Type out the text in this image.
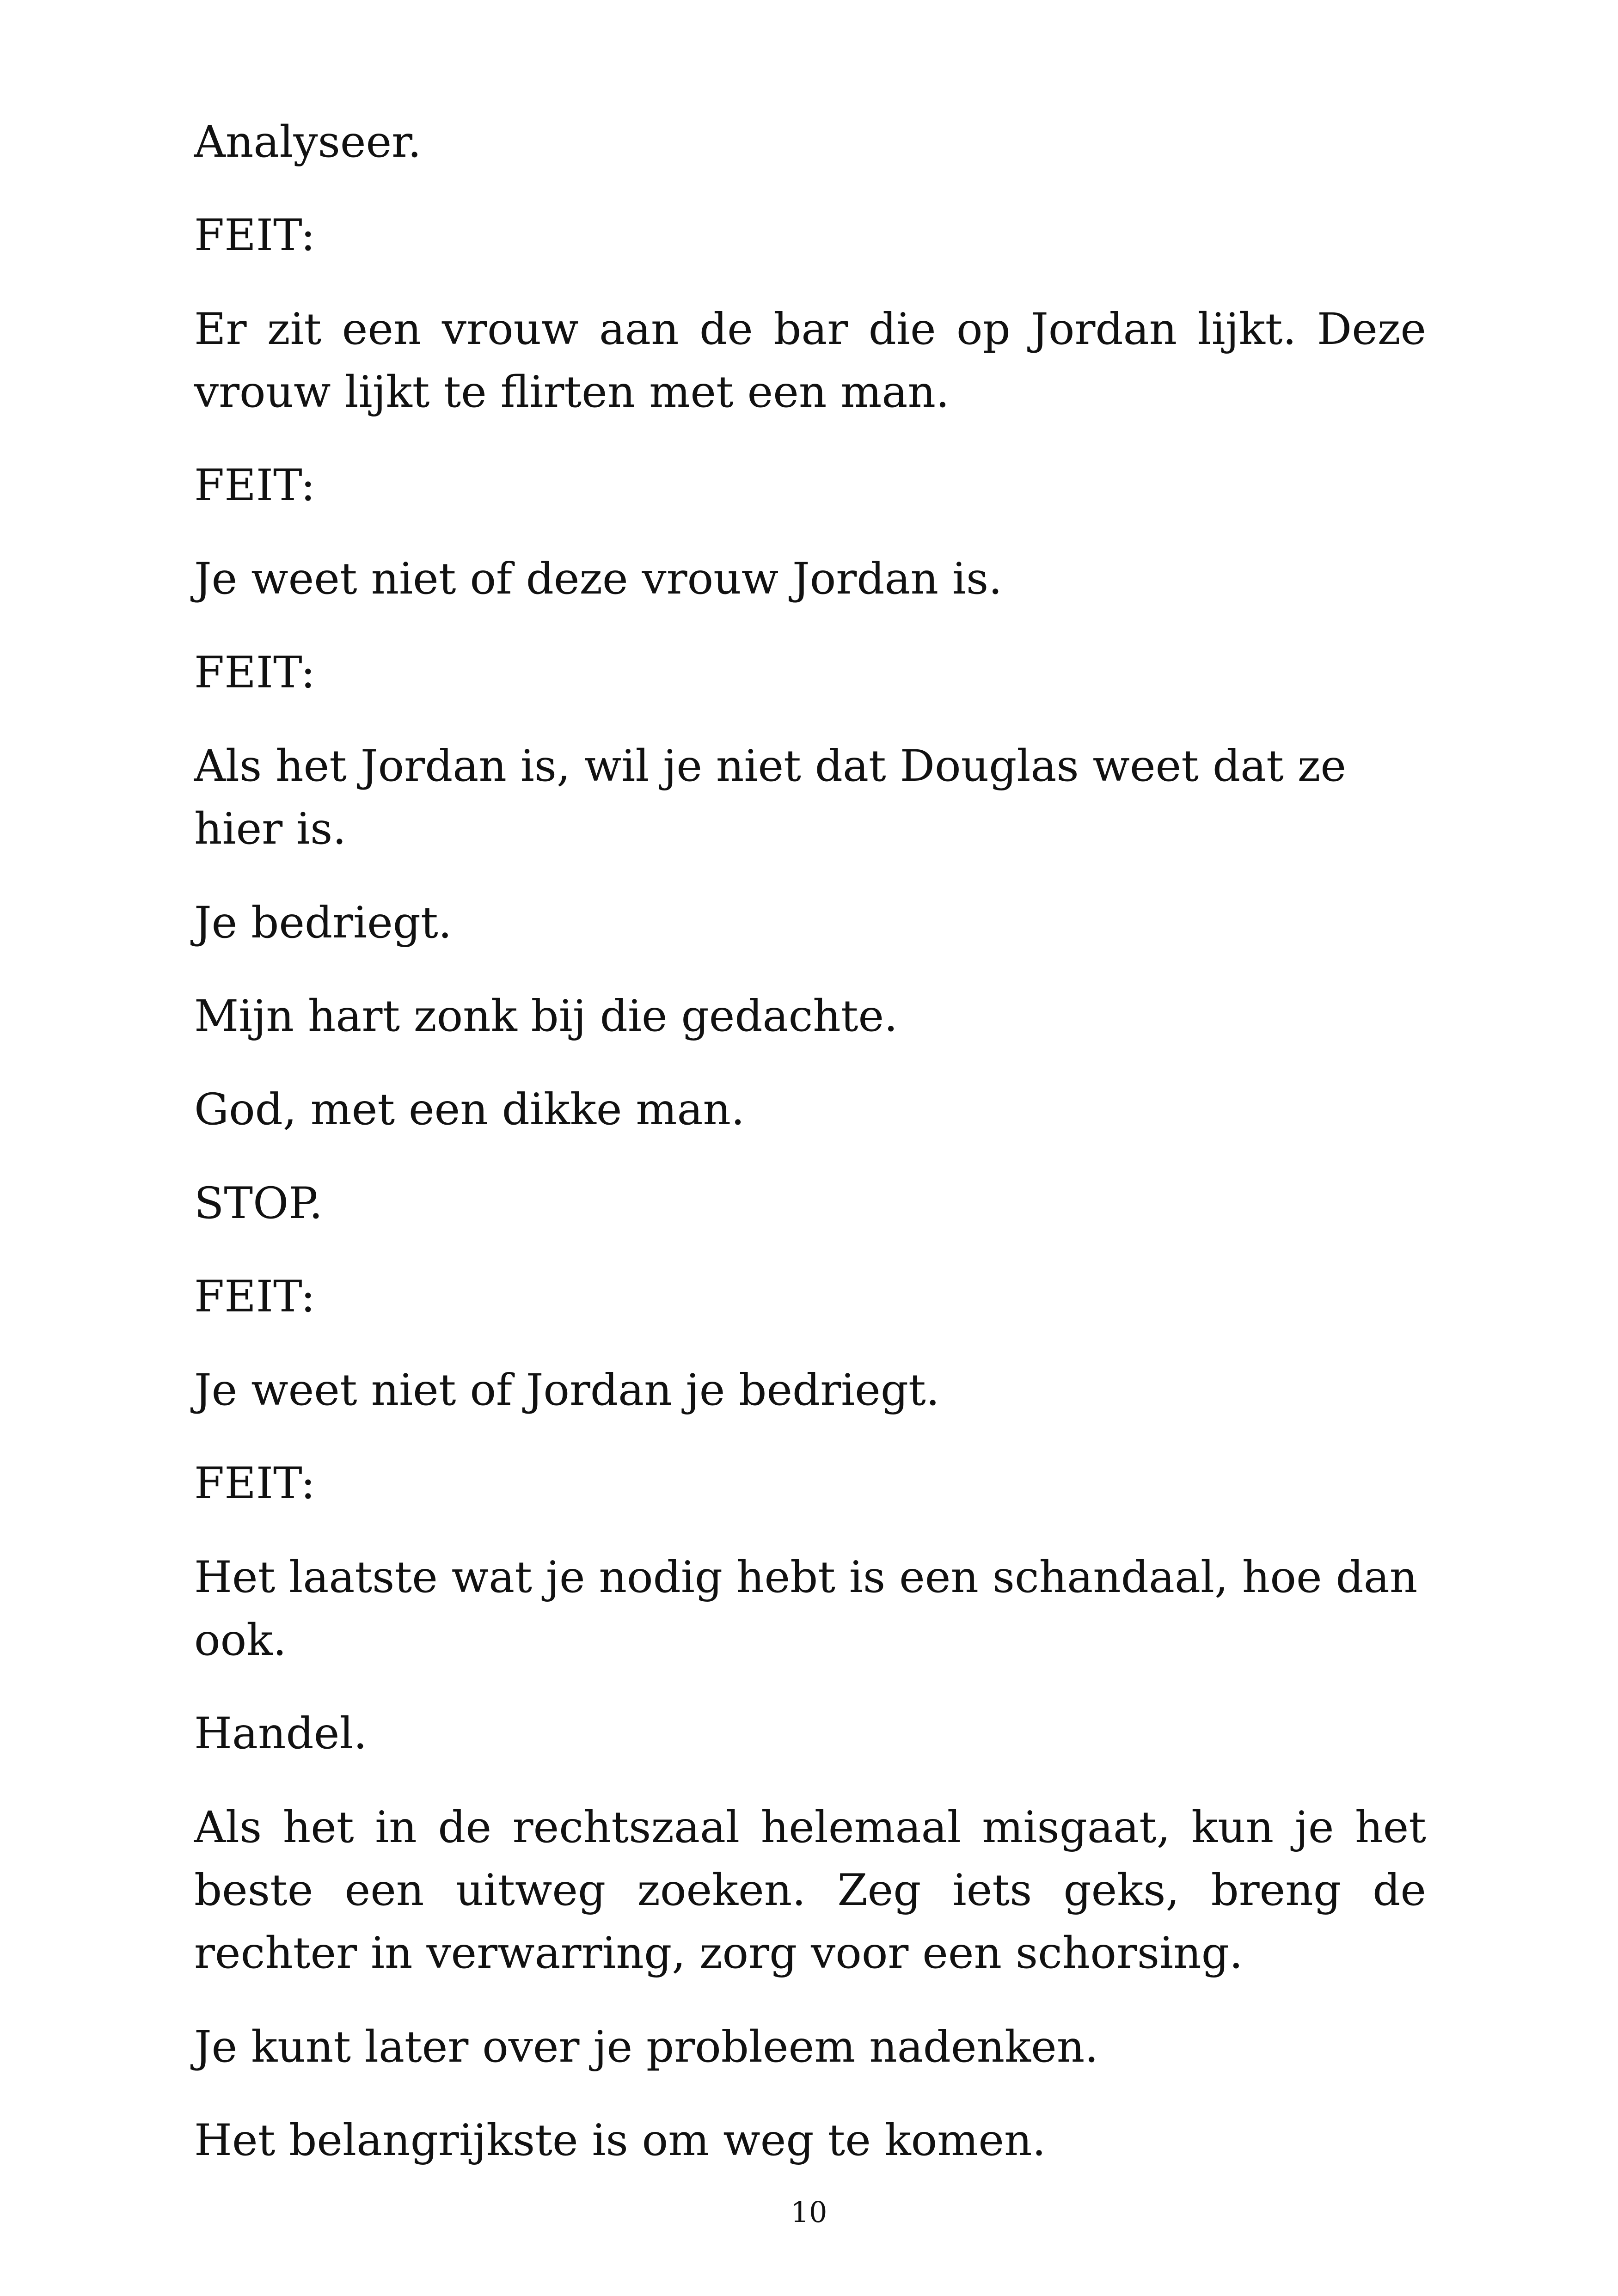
Analyseer.

FEIT:

Er zit een vrouw aan de bar die op Jordan lijkt. Deze vrouw lijkt te flirten met een man.

FEIT:

Je weet niet of deze vrouw Jordan is.

FEIT:

Als het Jordan is, wil je niet dat Douglas weet dat ze hier is.

Je bedriegt.

Mijn hart zonk bij die gedachte.

God, met een dikke man.

STOP.

FEIT:

Je weet niet of Jordan je bedriegt.

FEIT:

Het laatste wat je nodig hebt is een schandaal, hoe dan ook.

Handel.

Als het in de rechtszaal helemaal misgaat, kun je het beste een uitweg zoeken. Zeg iets geks, breng de rechter in verwarring, zorg voor een schorsing.

Je kunt later over je probleem nadenken.

Het belangrijkste is om weg te komen.

10
